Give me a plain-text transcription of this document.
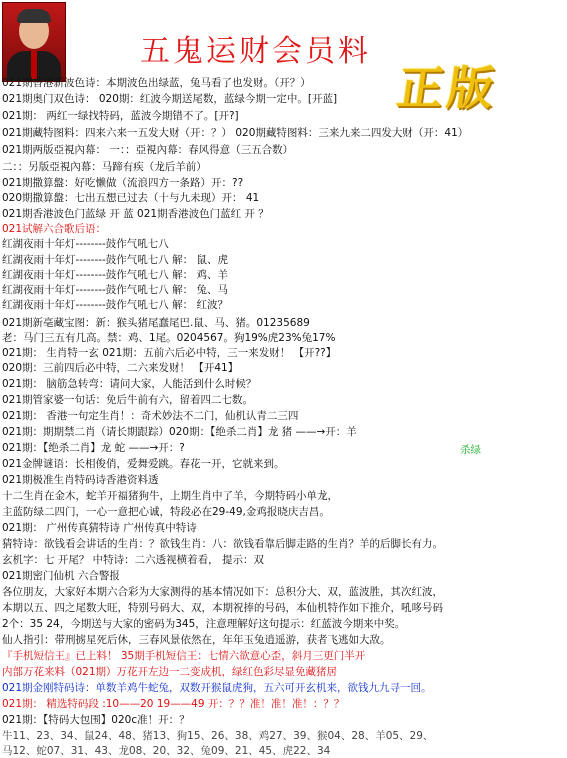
五鬼运财会员料
正版
021期香港新波色诗：本期波色出绿蓝，兔马看了也发财。（开？）
021期奥门双色诗： 020期：红波今期送尾数，蓝绿今期一定中。[开蓝]
021期： 两红一绿找特码，蓝波今期错不了。[开?]
021期藏特图料：四来六来一五发大财（开：？） 020期藏特图料：三来九来二四发大财（开：41）
021期两版亞視內幕： 一：：亞視內幕：春风得意（三五合数）
二：：另版亞視內幕：马蹄有疾（龙后羊前）
021期撒算盤：好吃懒做（流浪四方一条路）开：??
020期撒算盤：七出五想已过去（十与九未现）开： 41
021期香港波色门蓝绿 开 蓝 021期香港波色门蓝红 开 ？
021试解六合歌后语：
红湖夜雨十年灯--------鼓作气吼七八
红湖夜雨十年灯--------鼓作气吼七八 解： 鼠、虎
红湖夜雨十年灯--------鼓作气吼七八 解： 鸡、羊
红湖夜雨十年灯--------鼓作气吼七八 解： 兔、马
红湖夜雨十年灯--------鼓作气吼七八 解： 红波？
021期新亳藏宝图：新：猴头猪尾蠢尾巴.鼠、马、猪。01235689
老：马门三五有几高。禁：鸡、1尾。0204567。狗19%虎23%兔17%
021期： 生肖特一玄 021期：五前六后必中特，三一来发财！ 【开??】
020期：三前四后必中特，二六来发财！ 【开41】
021期： 脑筋急转弯：请问大家，人能活到什么时候？
021期管家婆一句话：免后牛前有六，留着四二七数。
021期： 香港一句定生肖！：奇术妙法不二门，仙机认青二三四
021期：期期禁二肖（请长期跟踪）020期：【绝杀二肖】龙 猪 ——→开：羊
021期：【绝杀二肖】龙 蛇 ——→开：?
021金牌谜语：长相俊俏，爱舞爱跳。春花一开，它就来到。
021期极准生肖特码诗香港资料透
十二生肖在金木，蛇羊开福猪狗牛，上期生肖中了羊，今期特码小单龙，
主蓝防绿二四门，一心一意把心诚，特段必在29-49,金鸡报晓庆吉昌。
021期： 广州传真猜特诗 广州传真中特诗
猜特诗：欲钱看会讲话的生肖：？欲钱生肖：八：欲钱看靠后脚走路的生肖？羊的后脚长有力。
玄机字：七 开尾？ 中特诗：二六透视横着看， 提示：双
021期密门仙机 六合警报
各位朋友，大家好本期六合彩为大家测得的基本情况如下：总积分大、双，蓝波胜，其次红波，
本期以五、四之尾数大旺，特别号码大、双，本期祝捧的号码，本仙机特作如下推介，吼哆号码
2个：35 24，今期送与大家的密码为345，注意理解好这句提示：红蓝波今期来中奖。
仙人指引：带刑掳星死后休，三春风景依然在，年年玉兔逍遥游，获者飞逃如大敌。
『手机短信王』已上料！ 35期手机短信王：七情六欲意心歪，斜月三更门半开
内部万花来料（021期）万花开左边一二变成机，绿红色彩尽显免藏猪居
021期金刚特码诗：单数羊鸡牛蛇兔，双数开猴鼠虎狗，五六可开玄机来，欲钱九九寻一回。
021期： 精选特码段 :10——20 19——49 开：？？准！准！准！：？？
021期：【特码大包围】020c准！开：？
牛11、23、34、鼠24、48、猪13、狗15、26、38、鸡27、39、猴04、28、羊05、29、
马12、蛇07、31、43、龙08、20、32、兔09、21、45、虎22、34
杀绿
